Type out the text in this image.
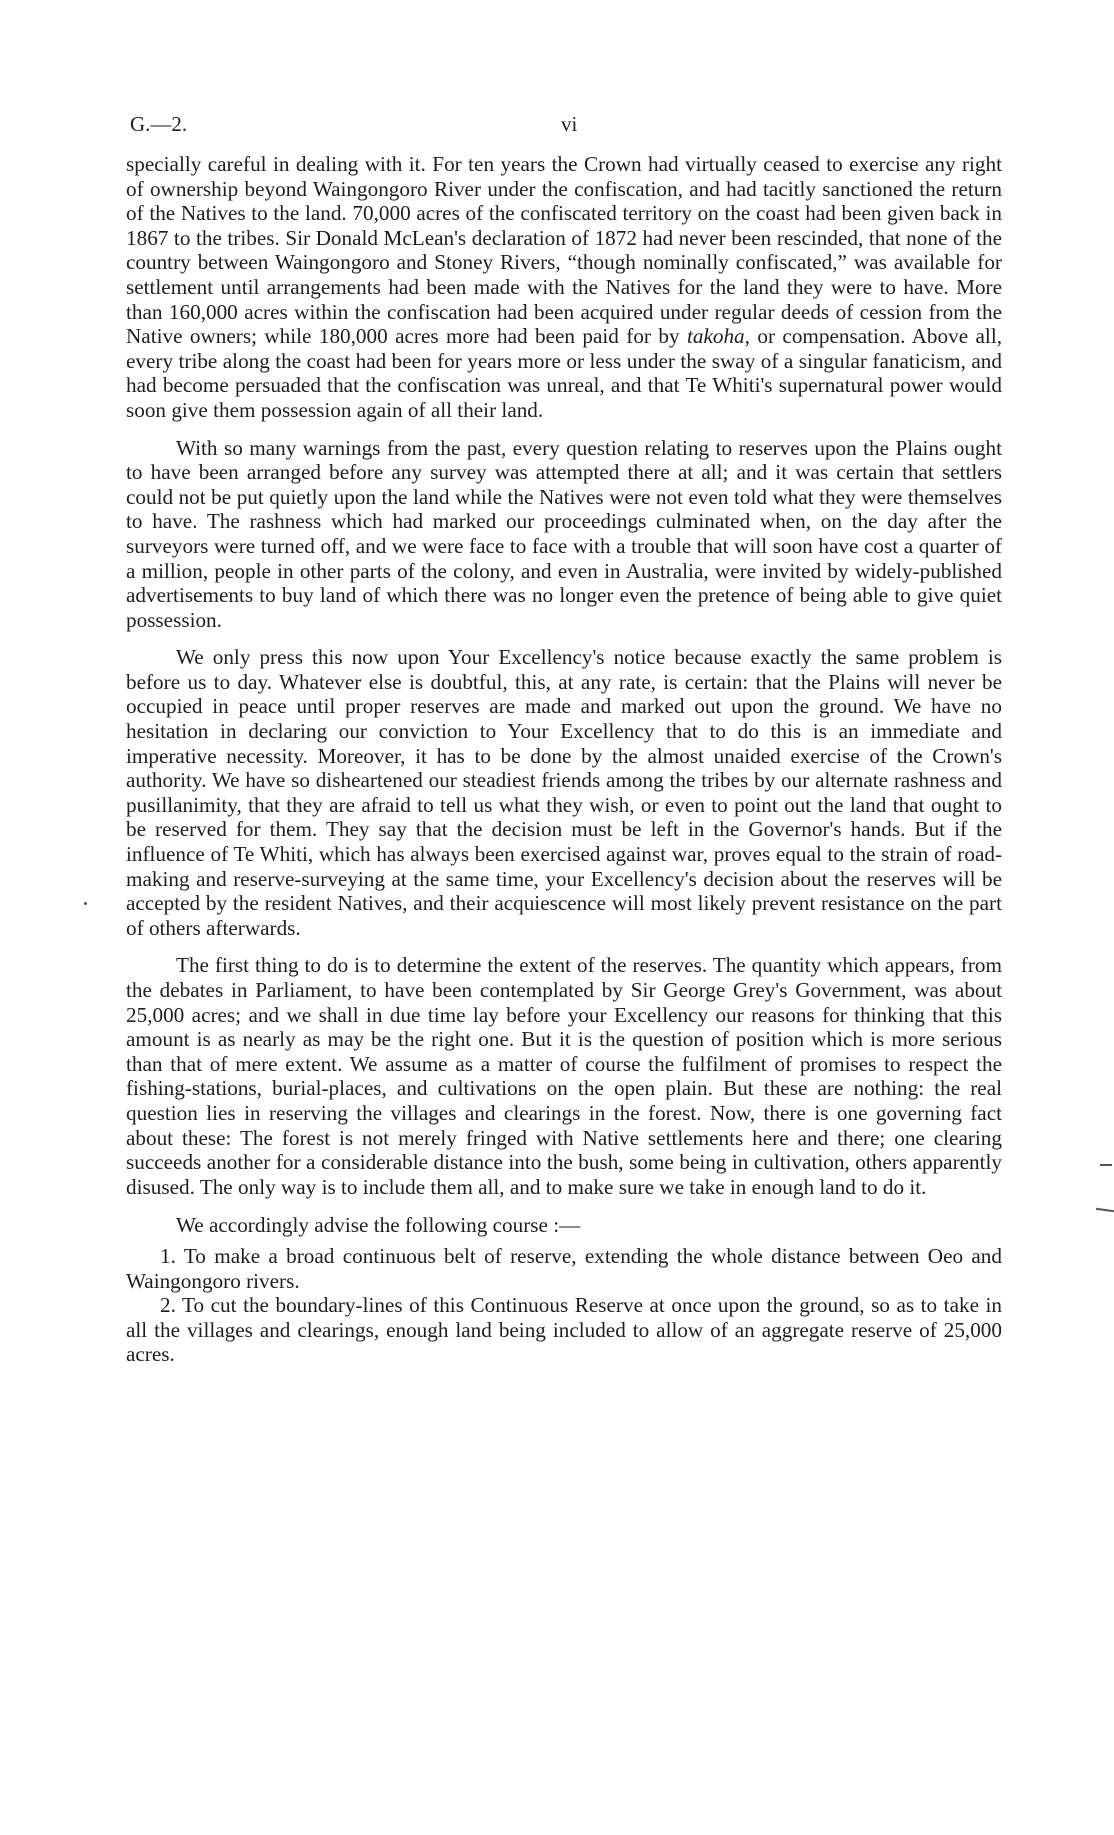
G.—2.	vi

specially careful in dealing with it. For ten years the Crown had virtually ceased to exercise any right of ownership beyond Waingongoro River under the confiscation, and had tacitly sanctioned the return of the Natives to the land. 70,000 acres of the confiscated territory on the coast had been given back in 1867 to the tribes. Sir Donald McLean's declaration of 1872 had never been rescinded, that none of the country between Waingongoro and Stoney Rivers, “though nominally confiscated,” was available for settlement until arrangements had been made with the Natives for the land they were to have. More than 160,000 acres within the confiscation had been acquired under regular deeds of cession from the Native owners; while 180,000 acres more had been paid for by takoha, or compensation. Above all, every tribe along the coast had been for years more or less under the sway of a singular fanaticism, and had become persuaded that the confiscation was unreal, and that Te Whiti's supernatural power would soon give them possession again of all their land.

With so many warnings from the past, every question relating to reserves upon the Plains ought to have been arranged before any survey was attempted there at all; and it was certain that settlers could not be put quietly upon the land while the Natives were not even told what they were themselves to have. The rashness which had marked our proceedings culminated when, on the day after the surveyors were turned off, and we were face to face with a trouble that will soon have cost a quarter of a million, people in other parts of the colony, and even in Australia, were invited by widely-published advertisements to buy land of which there was no longer even the pretence of being able to give quiet possession.

We only press this now upon Your Excellency's notice because exactly the same problem is before us to day. Whatever else is doubtful, this, at any rate, is certain: that the Plains will never be occupied in peace until proper reserves are made and marked out upon the ground. We have no hesitation in declaring our conviction to Your Excellency that to do this is an immediate and imperative necessity. Moreover, it has to be done by the almost unaided exercise of the Crown's authority. We have so disheartened our steadiest friends among the tribes by our alternate rashness and pusillanimity, that they are afraid to tell us what they wish, or even to point out the land that ought to be reserved for them. They say that the decision must be left in the Governor's hands. But if the influence of Te Whiti, which has always been exercised against war, proves equal to the strain of road-making and reserve-surveying at the same time, your Excellency's decision about the reserves will be accepted by the resident Natives, and their acquiescence will most likely prevent resistance on the part of others afterwards.

The first thing to do is to determine the extent of the reserves. The quantity which appears, from the debates in Parliament, to have been contemplated by Sir George Grey's Government, was about 25,000 acres; and we shall in due time lay before your Excellency our reasons for thinking that this amount is as nearly as may be the right one. But it is the question of position which is more serious than that of mere extent. We assume as a matter of course the fulfilment of promises to respect the fishing-stations, burial-places, and cultivations on the open plain. But these are nothing: the real question lies in reserving the villages and clearings in the forest. Now, there is one governing fact about these: The forest is not merely fringed with Native settlements here and there; one clearing succeeds another for a considerable distance into the bush, some being in cultivation, others apparently disused. The only way is to include them all, and to make sure we take in enough land to do it.

We accordingly advise the following course :—

1. To make a broad continuous belt of reserve, extending the whole distance between Oeo and Waingongoro rivers.

2. To cut the boundary-lines of this Continuous Reserve at once upon the ground, so as to take in all the villages and clearings, enough land being included to allow of an aggregate reserve of 25,000 acres.
